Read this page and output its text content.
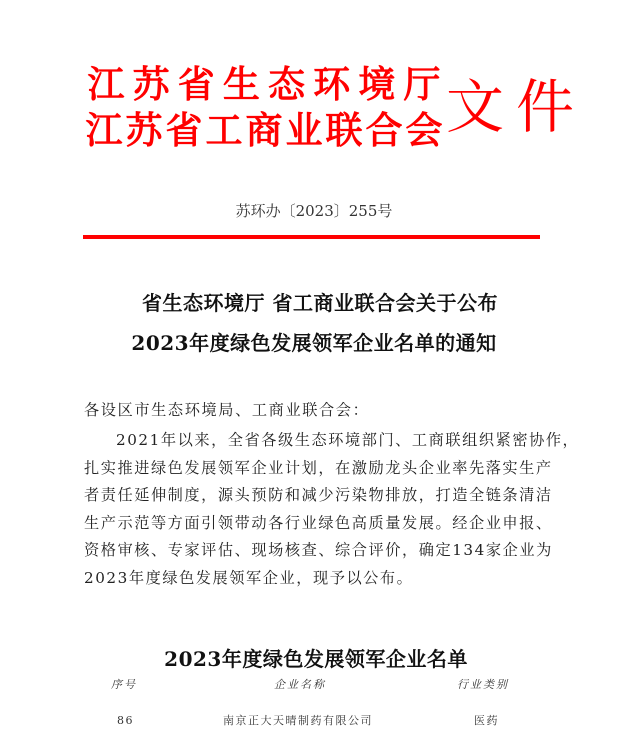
江 苏 省 生 态 环 境 厅
江 苏 省 工 商 业 联 合 会 文 件
苏环办〔2023〕255号
省生态环境厅 省工商业联合会关于公布
2023年度绿色发展领军企业名单的通知
各设区市生态环境局、工商业联合会：
2021年以来，全省各级生态环境部门、工商联组织紧密协作，
扎实推进绿色发展领军企业计划，在激励龙头企业率先落实生产
者责任延伸制度，源头预防和减少污染物排放，打造全链条清洁
生产示范等方面引领带动各行业绿色高质量发展。经企业申报、
资格审核、专家评估、现场核查、综合评价，确定134家企业为
2023年度绿色发展领军企业，现予以公布。
2023年度绿色发展领军企业名单
序号	企业名称	行业类别
86	南京正大天晴制药有限公司	医药
